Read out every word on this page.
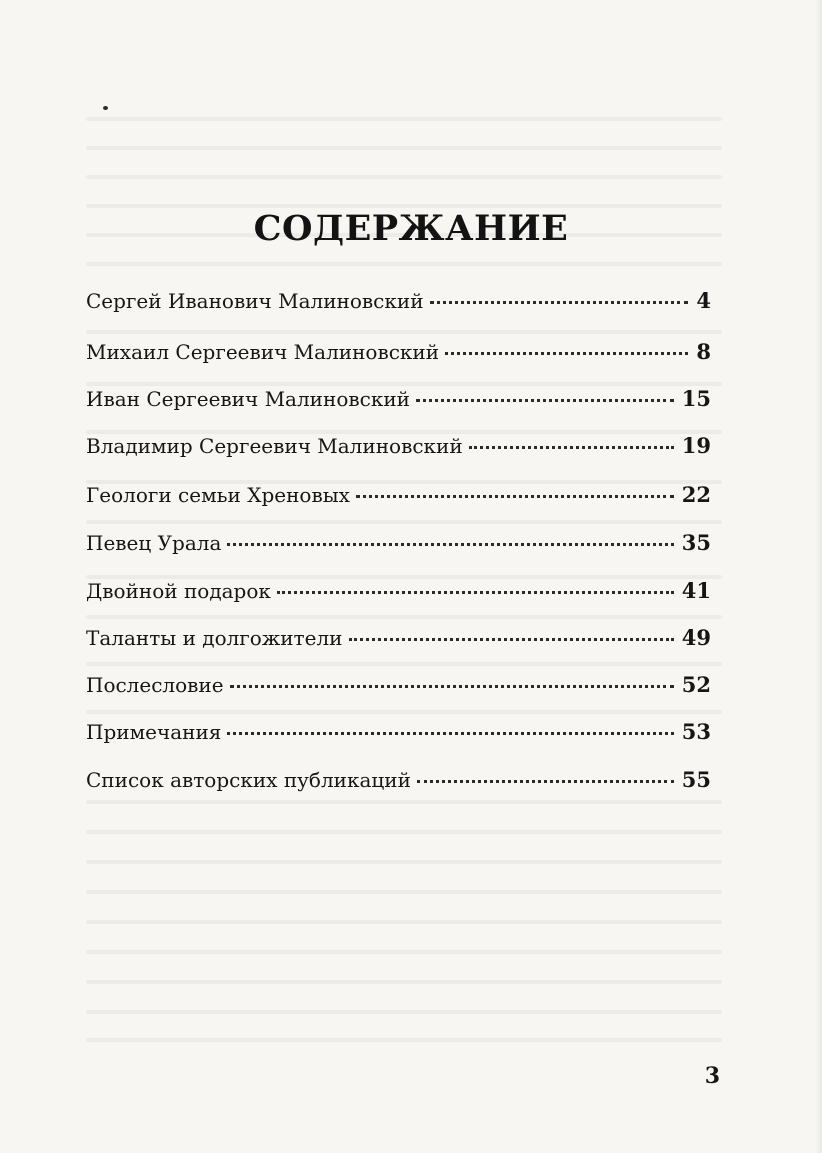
СОДЕРЖАНИЕ
Сергей Иванович Малиновский	4
Михаил Сергеевич Малиновский	8
Иван Сергеевич Малиновский	15
Владимир Сергеевич Малиновский	19
Геологи семьи Хреновых	22
Певец Урала	35
Двойной подарок	41
Таланты и долгожители	49
Послесловие	52
Примечания	53
Список авторских публикаций	55
3
